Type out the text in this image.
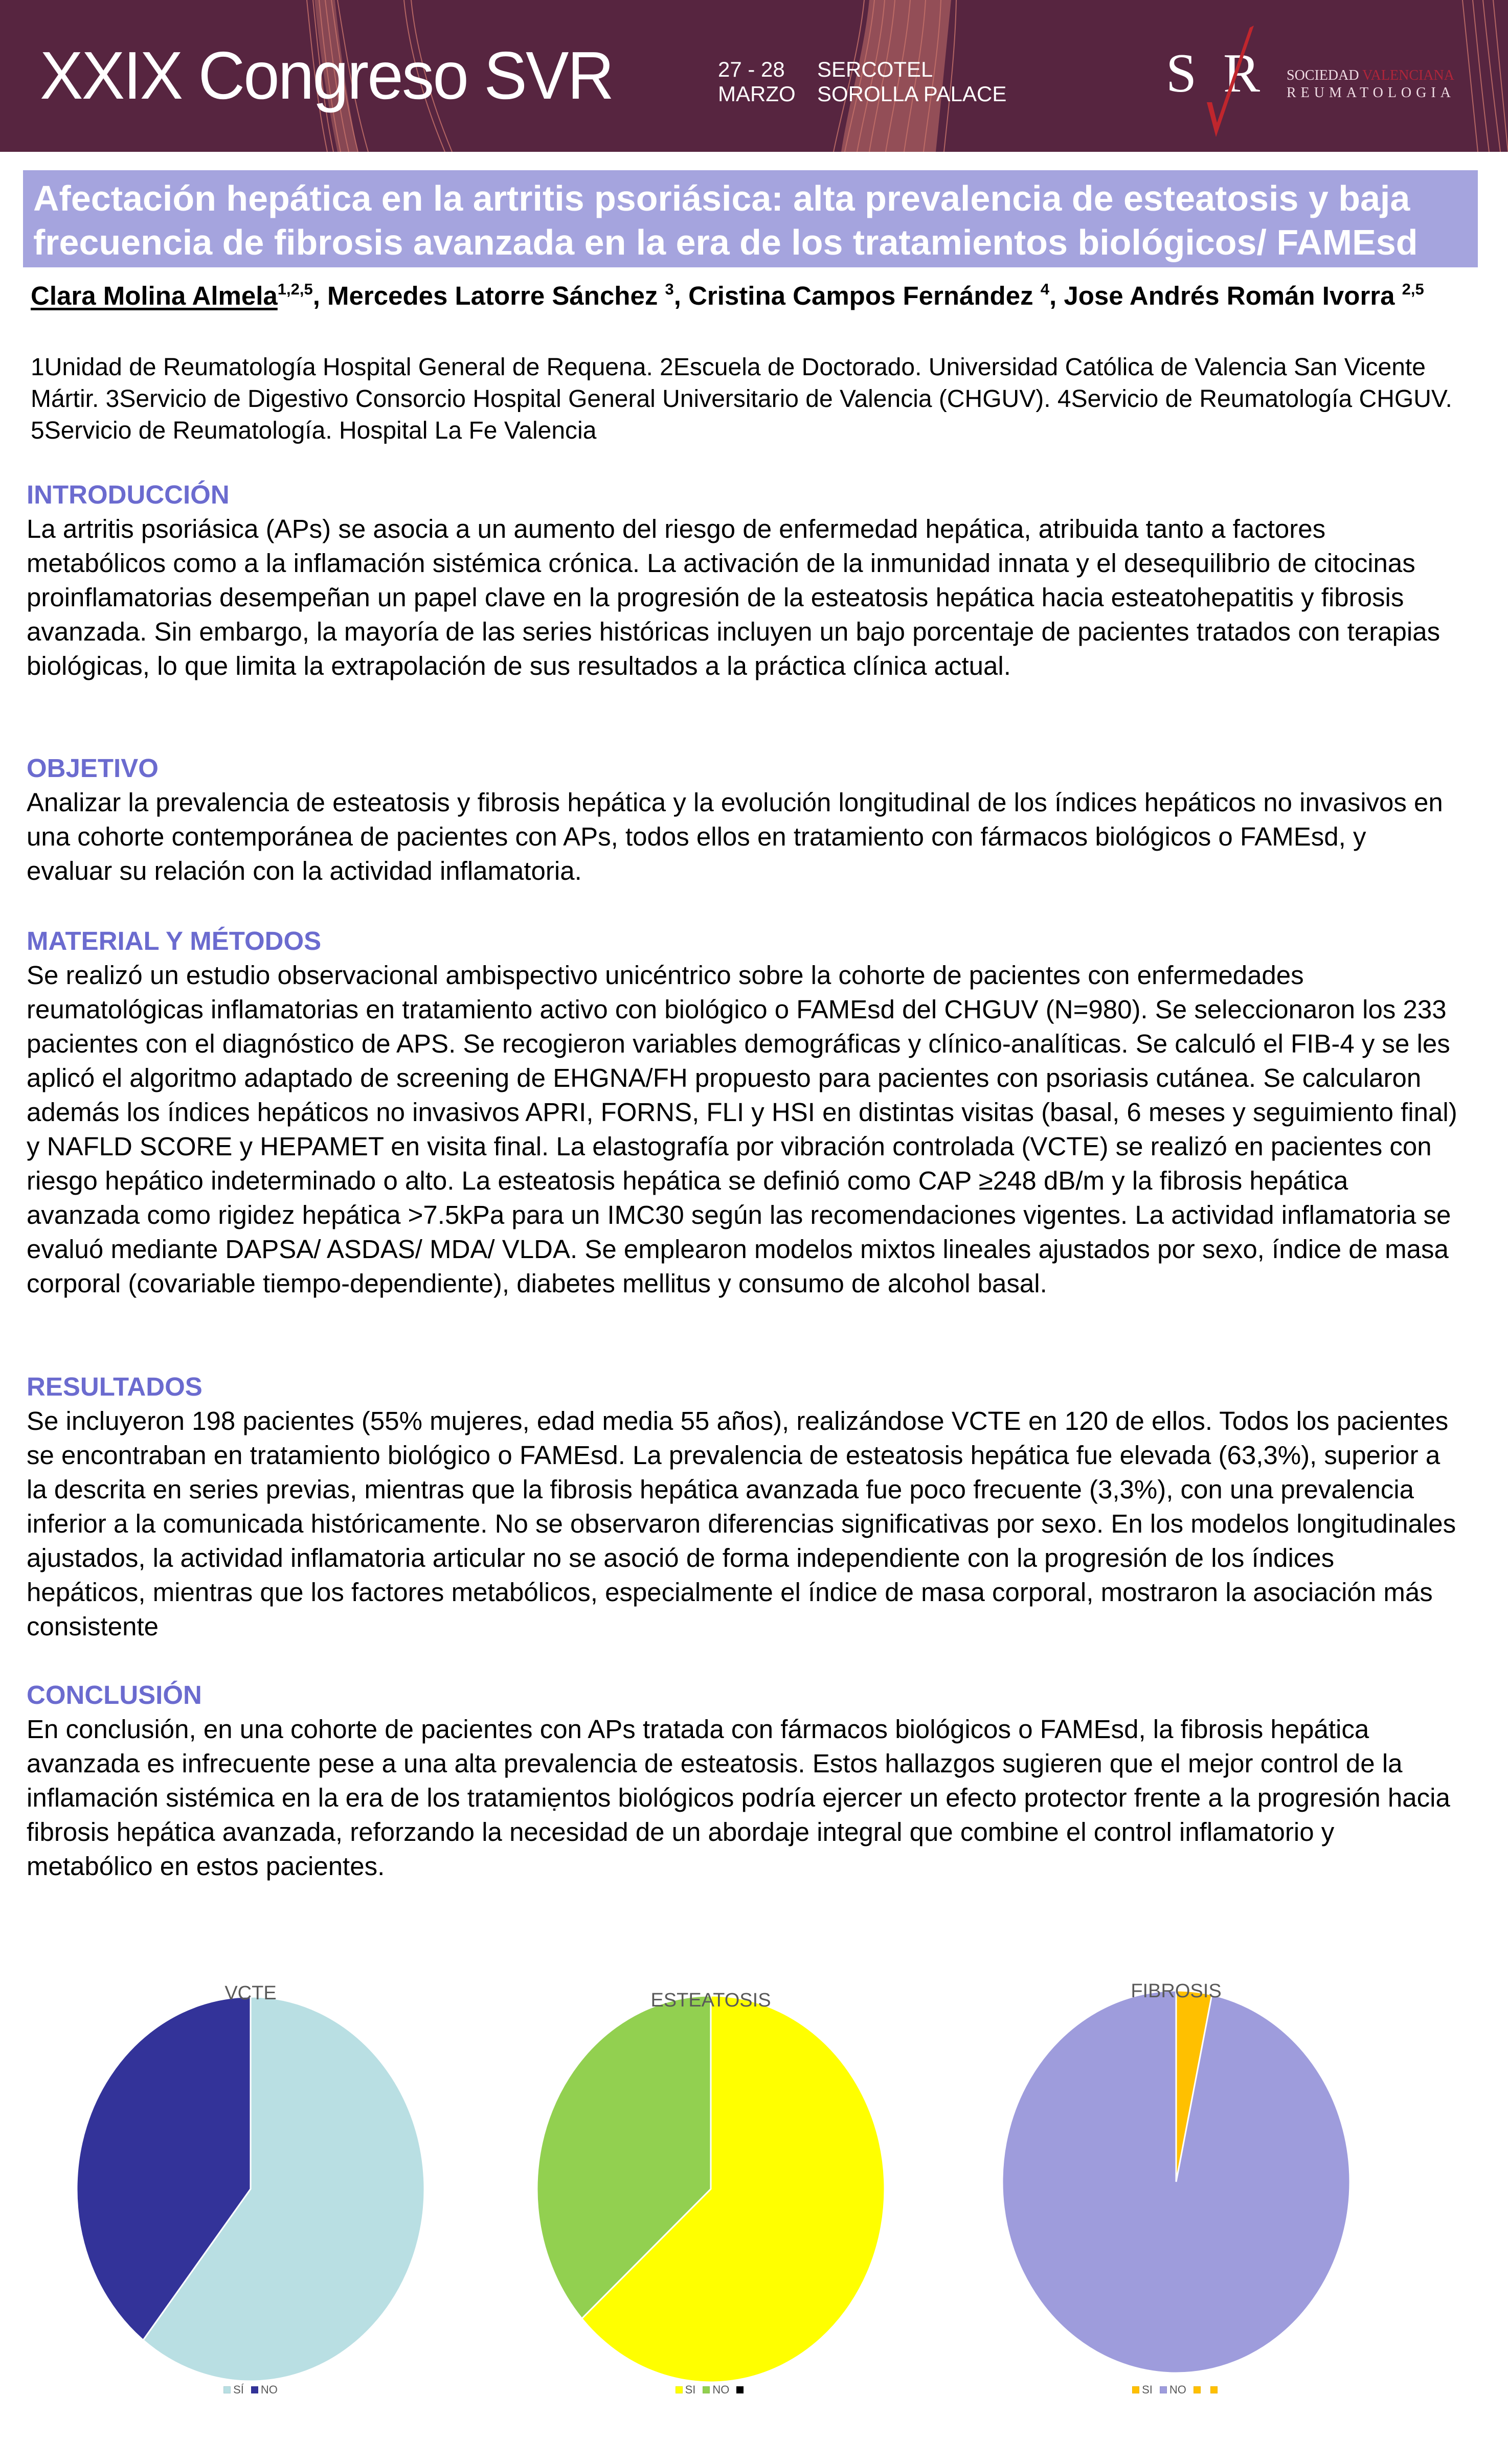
XXIX Congreso SVR	27 - 28	SERCOTEL
MARZO SOROLLA PALACE	S R SOCIEDAD VALENCIANA
REUMATOLOGIA
Afectación hepática en la artritis psoriásica: alta prevalencia de esteatosis y baja
frecuencia de fibrosis avanzada en la era de los tratamientos biológicos/ FAMEsd
Clara Molina Almela$^{1,2,5}$, Mercedes Latorre Sánchez $^3$, Cristina Campos Fernández $^4$, Jose Andrés Román Ivorra $^{2,5}$
1Unidad de Reumatología Hospital General de Requena. 2Escuela de Doctorado. Universidad Católica de Valencia San Vicente Mártir. 3Servicio de Digestivo Consorcio Hospital General Universitario de Valencia (CHGUV). 4Servicio de Reumatología CHGUV. 5Servicio de Reumatología. Hospital La Fe Valencia
INTRODUCCIÓN

La artritis psoriásica (APs) se asocia a un aumento del riesgo de enfermedad hepática, atribuida tanto a factores metabólicos como a la inflamación sistémica crónica. La activación de la inmunidad innata y el desequilibrio de citocinas proinflamatorias desempeñan un papel clave en la progresión de la esteatosis hepática hacia esteatohepatitis y fibrosis avanzada. Sin embargo, la mayoría de las series históricas incluyen un bajo porcentaje de pacientes tratados con terapias biológicas, lo que limita la extrapolación de sus resultados a la práctica clínica actual.

OBJETIVO

Analizar la prevalencia de esteatosis y fibrosis hepática y la evolución longitudinal de los índices hepáticos no invasivos en una cohorte contemporánea de pacientes con APs, todos ellos en tratamiento con fármacos biológicos o FAMEsd, y evaluar su relación con la actividad inflamatoria.

MATERIAL Y MÉTODOS

Se realizó un estudio observacional ambispectivo unicéntrico sobre la cohorte de pacientes con enfermedades reumatológicas inflamatorias en tratamiento activo con biológico o FAMEsd del CHGUV (N=980). Se seleccionaron los 233 pacientes con el diagnóstico de APS. Se recogieron variables demográficas y clínico-analíticas. Se calculó el FIB-4 y se les aplicó el algoritmo adaptado de screening de EHGNA/FH propuesto para pacientes con psoriasis cutánea. Se calcularon además los índices hepáticos no invasivos APRI, FORNS, FLI y HSI en distintas visitas (basal, 6 meses y seguimiento final) y NAFLD SCORE y HEPAMET en visita final. La elastografía por vibración controlada (VCTE) se realizó en pacientes con riesgo hepático indeterminado o alto. La esteatosis hepática se definió como CAP ≥248 dB/m y la fibrosis hepática avanzada como rigidez hepática >7.5kPa para un IMC30 según las recomendaciones vigentes. La actividad inflamatoria se evaluó mediante DAPSA/ ASDAS/ MDA/ VLDA. Se emplearon modelos mixtos lineales ajustados por sexo, índice de masa corporal (covariable tiempo-dependiente), diabetes mellitus y consumo de alcohol basal.

RESULTADOS

Se incluyeron 198 pacientes (55% mujeres, edad media 55 años), realizándose VCTE en 120 de ellos. Todos los pacientes se encontraban en tratamiento biológico o FAMEsd. La prevalencia de esteatosis hepática fue elevada (63,3%), superior a la descrita en series previas, mientras que la fibrosis hepática avanzada fue poco frecuente (3,3%), con una prevalencia inferior a la comunicada históricamente. No se observaron diferencias significativas por sexo. En los modelos longitudinales ajustados, la actividad inflamatoria articular no se asoció de forma independiente con la progresión de los índices hepáticos, mientras que los factores metabólicos, especialmente el índice de masa corporal, mostraron la asociación más consistente

CONCLUSIÓN

En conclusión, en una cohorte de pacientes con APs tratada con fármacos biológicos o FAMEsd, la fibrosis hepática avanzada es infrecuente pese a una alta prevalencia de esteatosis. Estos hallazgos sugieren que el mejor control de la inflamación sistémica en la era de los tratamiẹntos biológicos podría ejercer un efecto protector frente a la progresión hacia fibrosis hepática avanzada, reforzando la necesidad de un abordaje integral que combine el control inflamatorio y metabólico en estos pacientes.

VCTE
SÍ NO
ESTEATOSIS
SI NO
FIBROSIS
SI NO
